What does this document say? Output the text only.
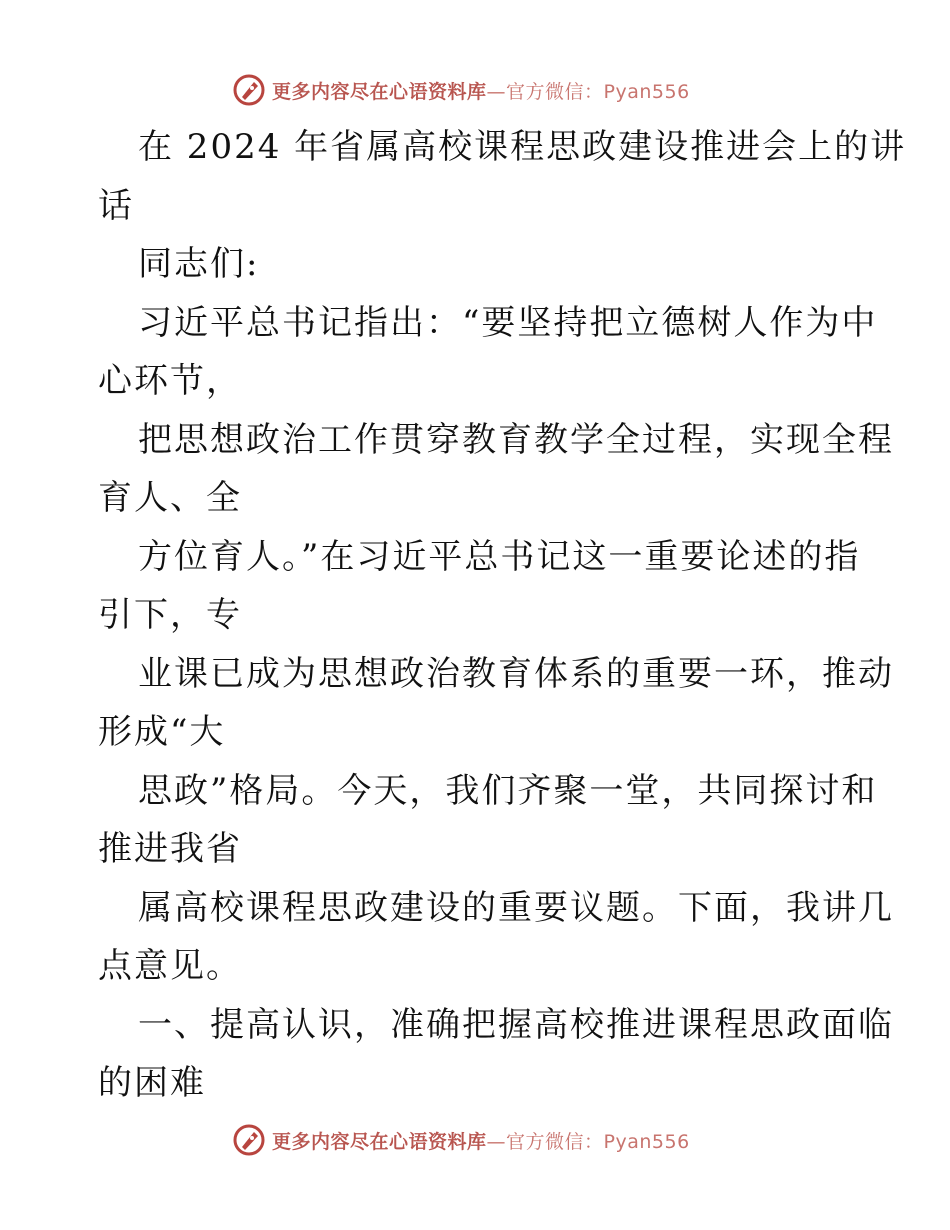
更多内容尽在心语资料库—官方微信：Pyan556
在 2024 年省属高校课程思政建设推进会上的讲
话
同志们:
习近平总书记指出：“要坚持把立德树人作为中
心环节，
把思想政治工作贯穿教育教学全过程，实现全程
育人、全
方位育人。”在习近平总书记这一重要论述的指
引下，专
业课已成为思想政治教育体系的重要一环，推动
形成“大
思政”格局。今天，我们齐聚一堂，共同探讨和
推进我省
属高校课程思政建设的重要议题。下面，我讲几
点意见。
一、提高认识，准确把握高校推进课程思政面临
的困难
更多内容尽在心语资料库—官方微信：Pyan556
